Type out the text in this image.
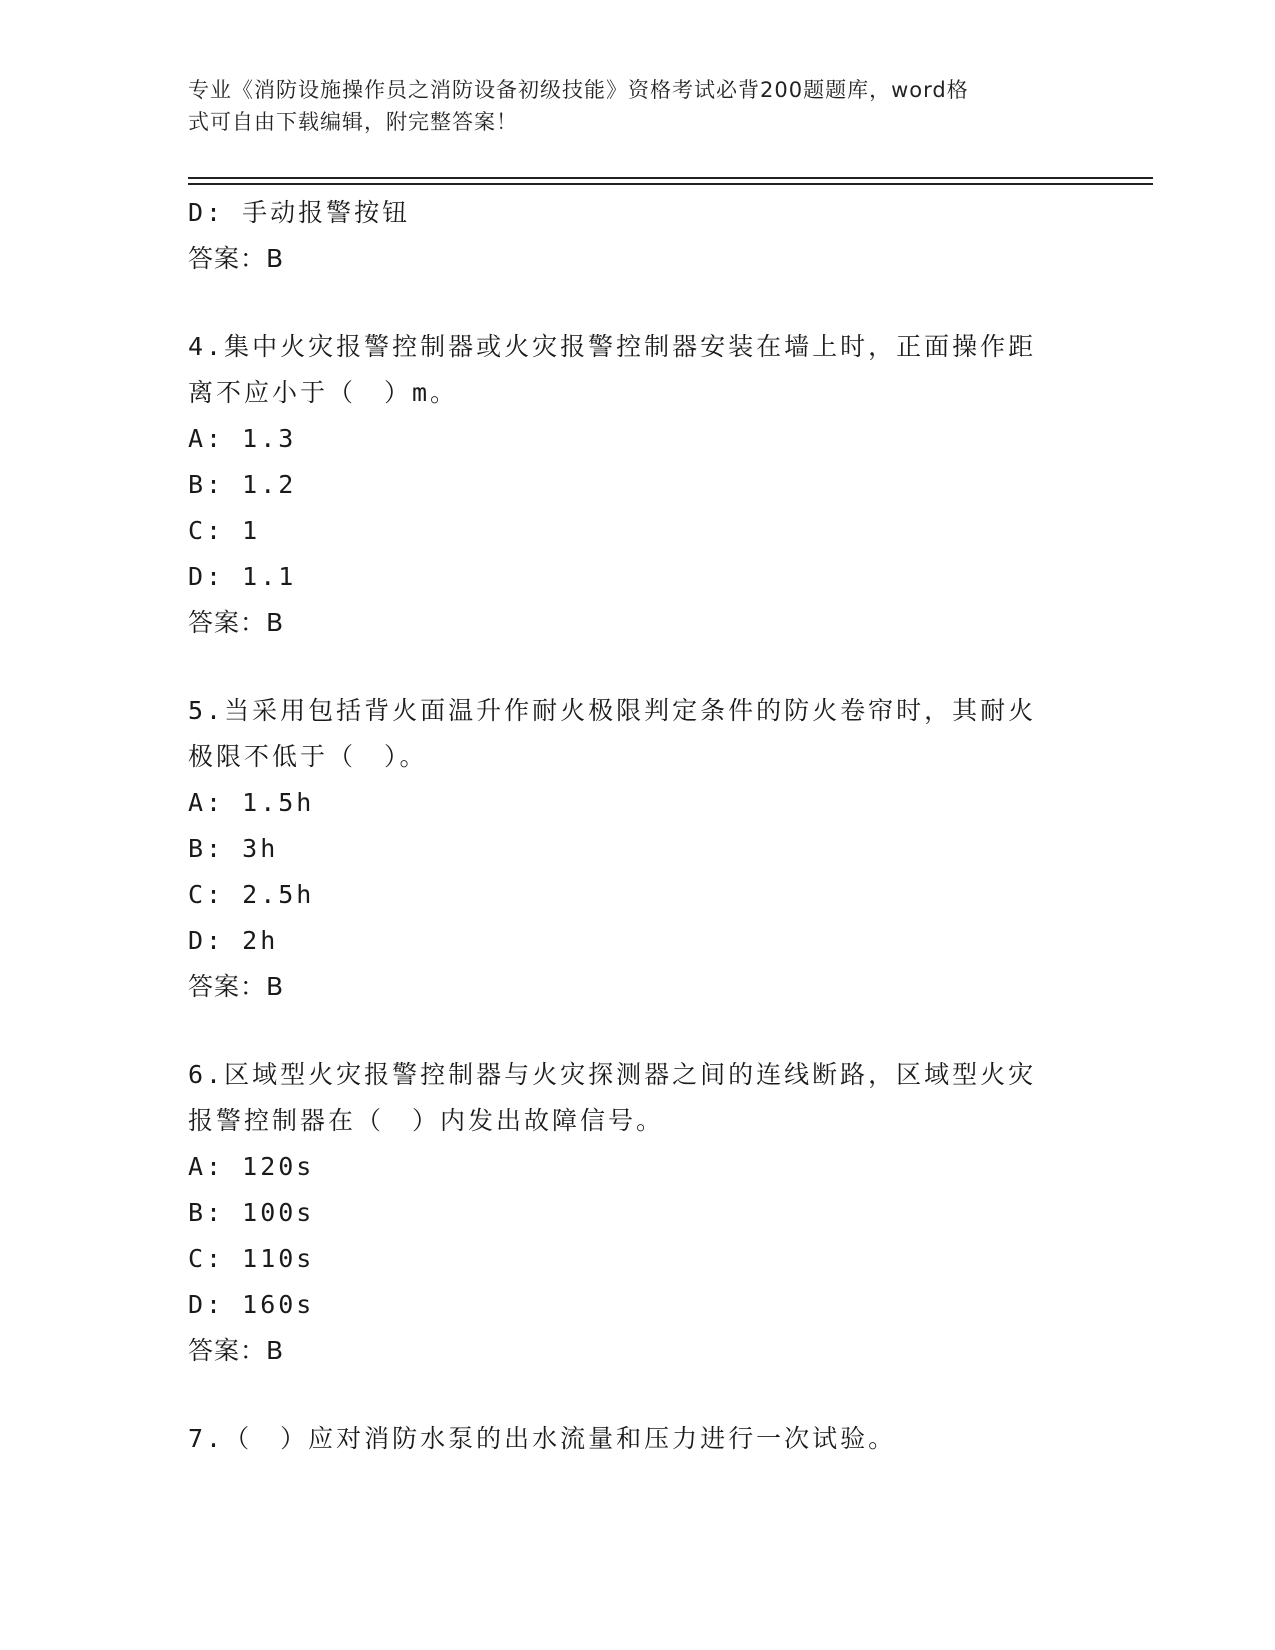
专业《消防设施操作员之消防设备初级技能》资格考试必背200题题库，word格
式可自由下载编辑，附完整答案！
D: 手动报警按钮
答案：B
4.集中火灾报警控制器或火灾报警控制器安装在墙上时，正面操作距
离不应小于（　）m。
A: 1.3
B: 1.2
C: 1
D: 1.1
答案：B
5.当采用包括背火面温升作耐火极限判定条件的防火卷帘时，其耐火
极限不低于（　）。
A: 1.5h
B: 3h
C: 2.5h
D: 2h
答案：B
6.区域型火灾报警控制器与火灾探测器之间的连线断路，区域型火灾
报警控制器在（　）内发出故障信号。
A: 120s
B: 100s
C: 110s
D: 160s
答案：B
7.（　）应对消防水泵的出水流量和压力进行一次试验。
